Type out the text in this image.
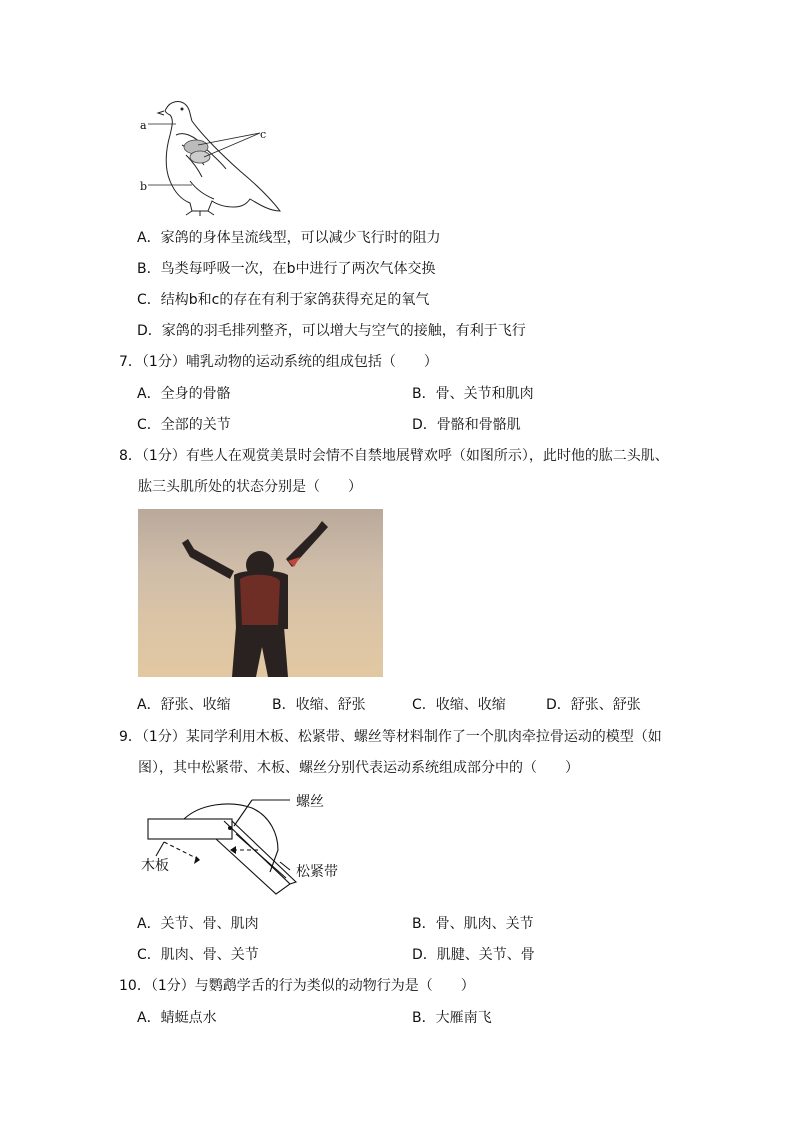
a
c
b
A．家鸽的身体呈流线型，可以减少飞行时的阻力
B．鸟类每呼吸一次，在b中进行了两次气体交换
C．结构b和c的存在有利于家鸽获得充足的氧气
D．家鸽的羽毛排列整齐，可以增大与空气的接触，有利于飞行
7．（1分）哺乳动物的运动系统的组成包括（　　）
A．全身的骨骼	B．骨、关节和肌肉
C．全部的关节	D．骨骼和骨骼肌
8．（1分）有些人在观赏美景时会情不自禁地展臂欢呼（如图所示），此时他的肱二头肌、
肱三头肌所处的状态分别是（　　）
A．舒张、收缩	B．收缩、舒张	C．收缩、收缩	D．舒张、舒张
9．（1分）某同学利用木板、松紧带、螺丝等材料制作了一个肌肉牵拉骨运动的模型（如
图），其中松紧带、木板、螺丝分别代表运动系统组成部分中的（　　）
螺丝
木板	松紧带
A．关节、骨、肌肉	B．骨、肌肉、关节
C．肌肉、骨、关节	D．肌腱、关节、骨
10．（1分）与鹦鹉学舌的行为类似的动物行为是（　　）
A．蜻蜓点水	B．大雁南飞
